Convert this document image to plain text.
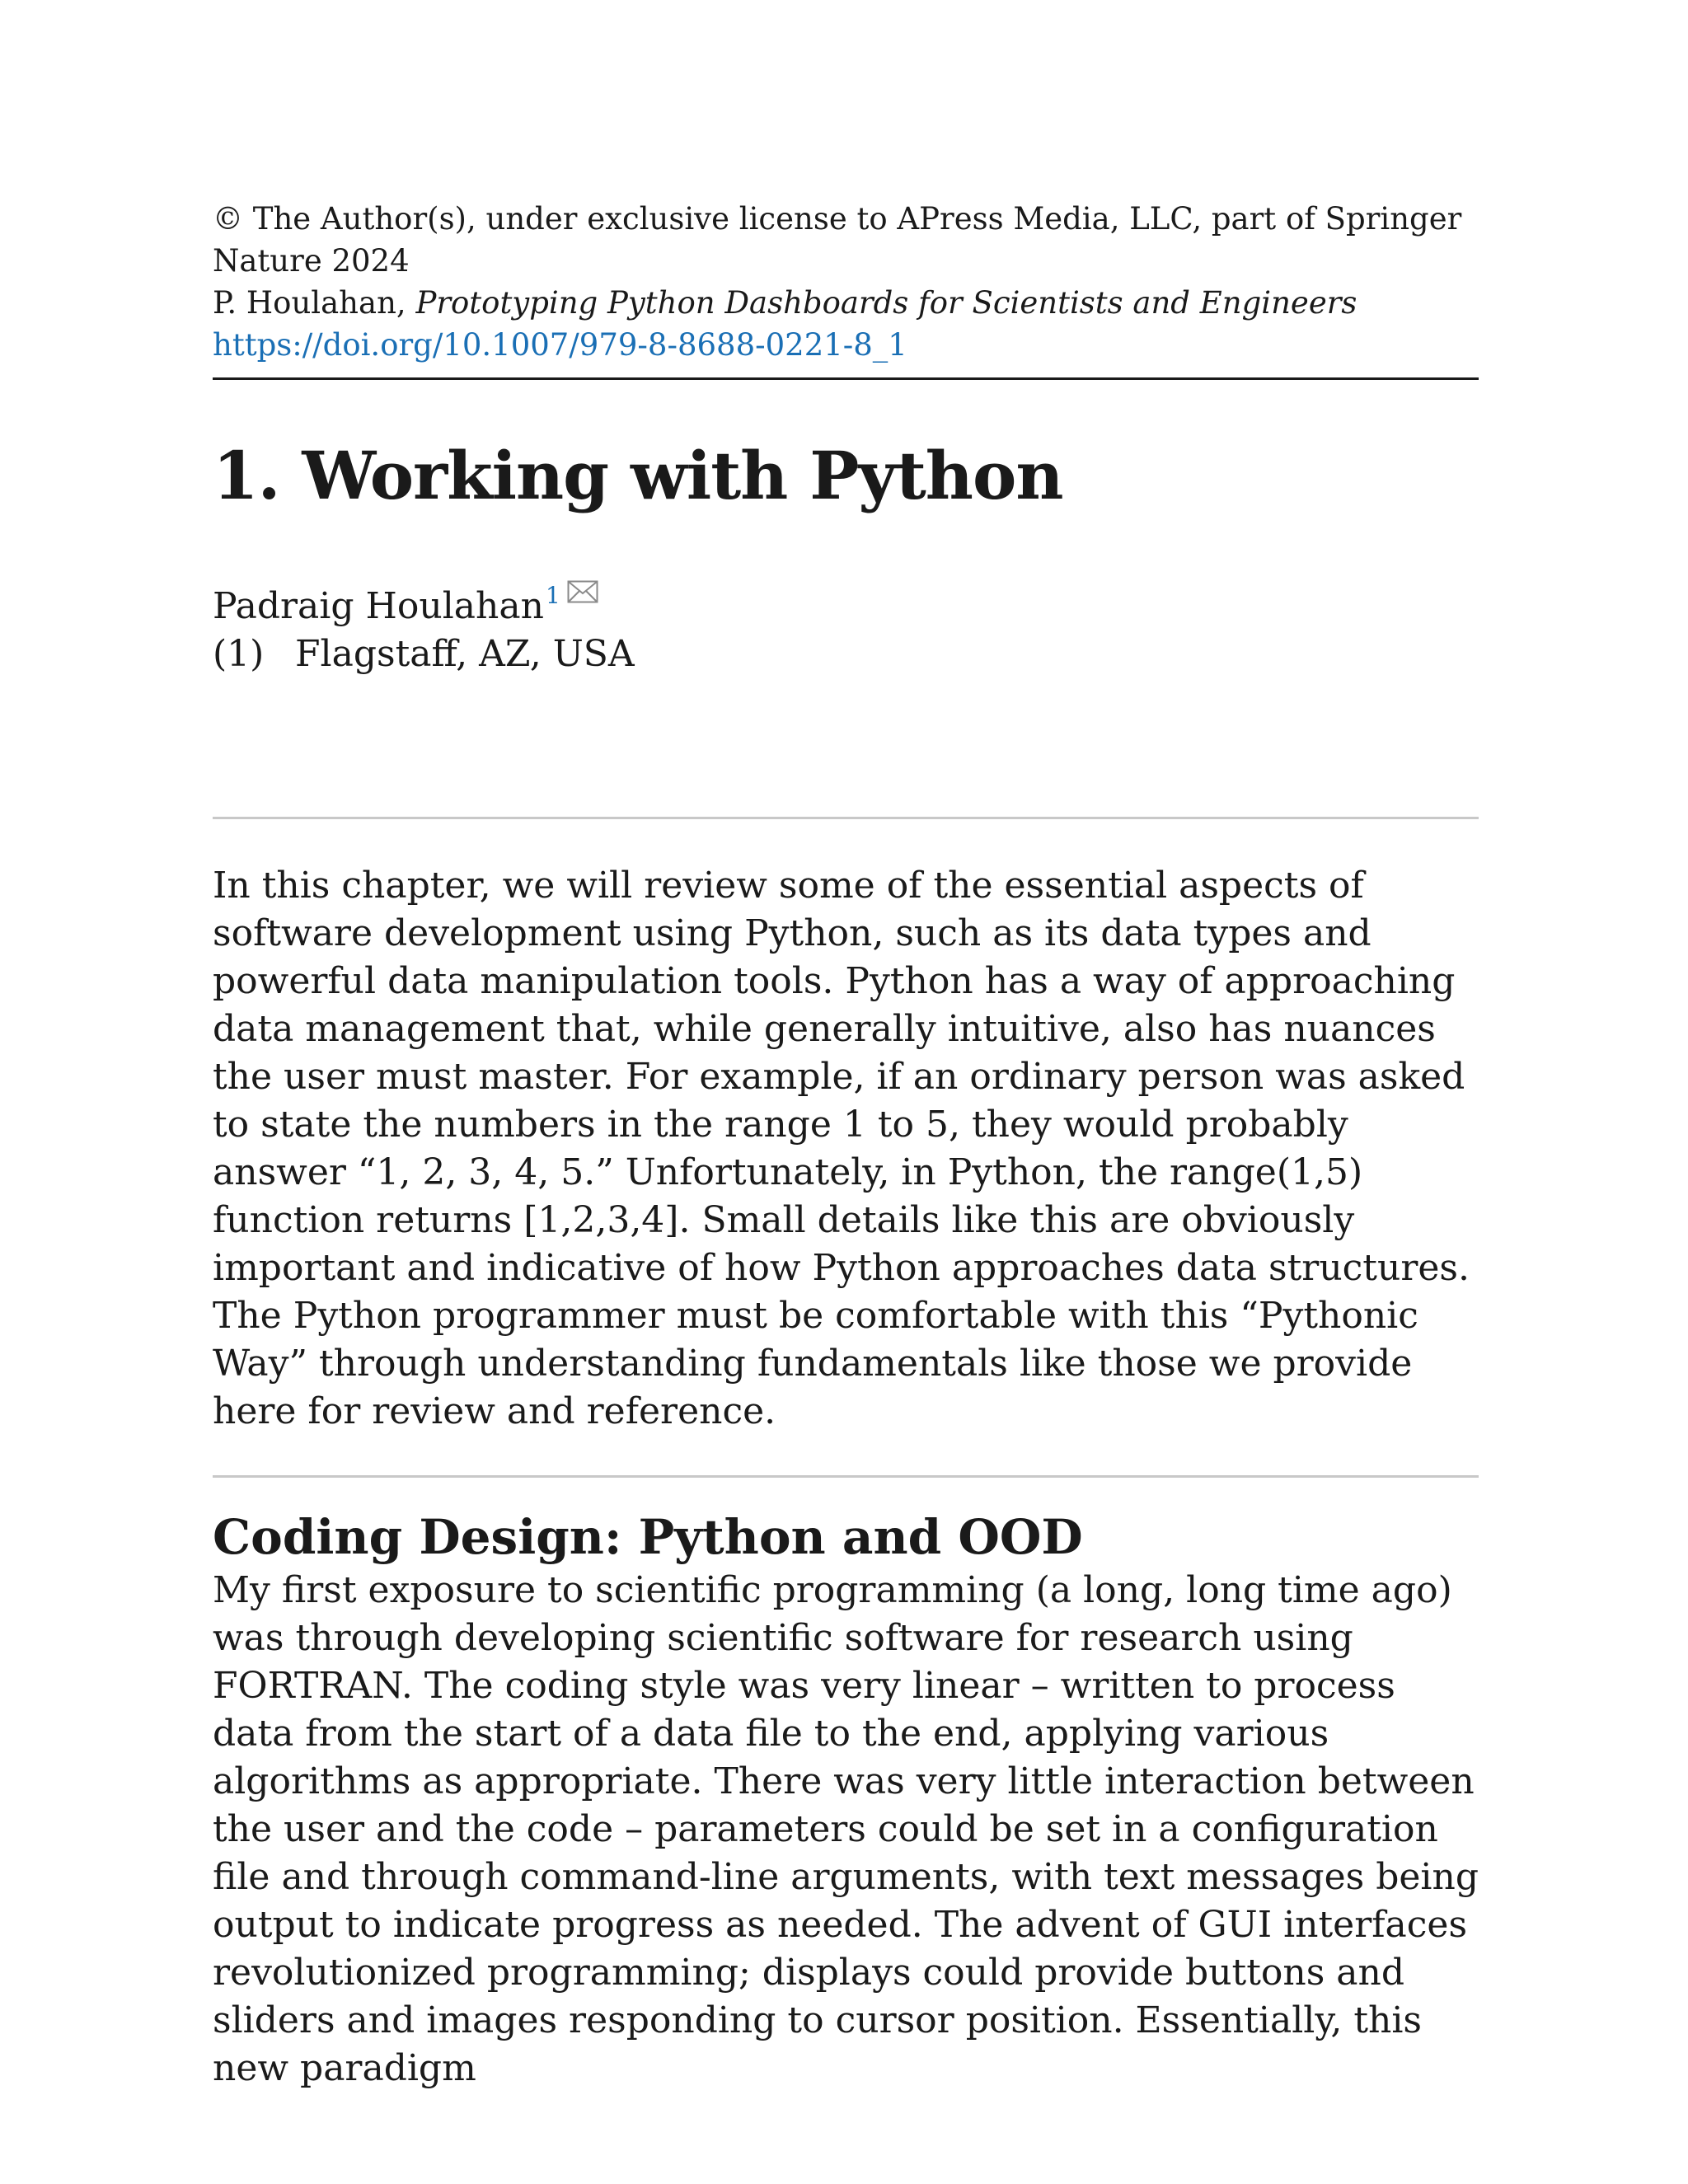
© The Author(s), under exclusive license to APress Media, LLC, part of Springer Nature 2024
P. Houlahan, Prototyping Python Dashboards for Scientists and Engineers
https://doi.org/10.1007/979-8-8688-0221-8_1
1. Working with Python
Padraig Houlahan$^1$
(1) Flagstaff, AZ, USA

In this chapter, we will review some of the essential aspects of software development using Python, such as its data types and powerful data manipulation tools. Python has a way of approaching data management that, while generally intuitive, also has nuances the user must master. For example, if an ordinary person was asked to state the numbers in the range 1 to 5, they would probably answer “1, 2, 3, 4, 5.” Unfortunately, in Python, the range(1,5) function returns [1,2,3,4]. Small details like this are obviously important and indicative of how Python approaches data structures. The Python programmer must be comfortable with this “Pythonic Way” through understanding fundamentals like those we provide here for review and reference.

Coding Design: Python and OOD

My first exposure to scientific programming (a long, long time ago) was through developing scientific software for research using FORTRAN. The coding style was very linear – written to process data from the start of a data file to the end, applying various algorithms as appropriate. There was very little interaction between the user and the code – parameters could be set in a configuration file and through command-line arguments, with text messages being output to indicate progress as needed. The advent of GUI interfaces revolutionized programming; displays could provide buttons and sliders and images responding to cursor position. Essentially, this new paradigm
